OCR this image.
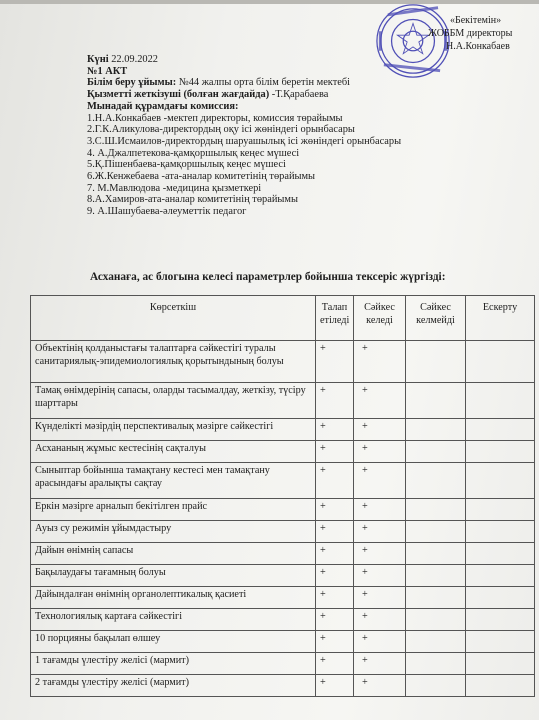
«Бекітемін»
ЖОББМ директоры
Н.А.Конкабаев
Күні 22.09.2022
№1 АКТ
Білім беру ұйымы: №44 жалпы орта білім беретін мектебі
Қызметті жеткізуші (болған жағдайда) -Т.Қарабаева
Мынадай құрамдағы комиссия:
1.Н.А.Конкабаев -мектеп директоры, комиссия төрайымы
2.Г.К.Аликулова-директордың оқу ісі жөніндегі орынбасары
3.С.Ш.Исмаилов-директордың шаруашылық ісі жөніндегі орынбасары
4. А.Джалпетекова-қамқоршылық кеңес мүшесі
5.Қ.Пішенбаева-қамқоршылық кеңес мүшесі
6.Ж.Кенжебаева -ата-аналар комитетінің төрайымы
7. М.Мавлюдова -медицина қызметкері
8.А.Хамиров-ата-аналар комитетінің төрайымы
9. А.Шашубаева-әлеуметтік педагог
Асханаға, ас блогына келесі параметрлер бойынша тексеріс жүргізді:
Көрсеткіш	Талап етіледі	Сәйкес келеді	Сәйкес келмейді	Ескерту
Объектінің қолданыстағы талаптарға сәйкестігі туралы санитариялық-эпидемиологиялық қорытындының болуы	+	+		
Тамақ өнімдерінің сапасы, оларды тасымалдау, жеткізу, түсіру шарттары	+	+		
Күнделікті мәзірдің перспективалық мәзірге сәйкестігі	+	+		
Асхананың жұмыс кестесінің сақталуы	+	+		
Сыныптар бойынша тамақтану кестесі мен тамақтану арасындағы аралықты сақтау	+	+		
Еркін мәзірге арналып бекітілген прайс	+	+		
Ауыз су режимін ұйымдастыру	+	+		
Дайын өнімнің сапасы	+	+		
Бақылаудағы тағамның болуы	+	+		
Дайындалған өнімнің органолептикалық қасиеті	+	+		
Технологиялық картаға сәйкестігі	+	+		
10 порцияны бақылап өлшеу	+	+		
1 тағамды үлестіру желісі (мармит)	+	+		
2 тағамды үлестіру желісі (мармит)	+	+		
